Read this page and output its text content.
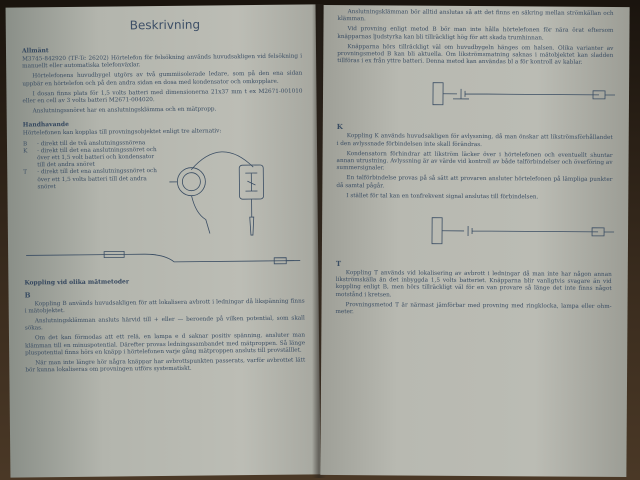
Beskrivning
Allmänt
M3745-842920 (TF-Tc 26202) Hörtelefon för felsökning används huvudsakligen vid felsökning i manuellt eller automatiska telefonväxlar.
Hörtelefonens huvudbygel utgörs av två gummiisolerade ledare, som på den ena sidan uppbär en hörtelefon och på den andra sidan en dosa med kondensator och omkopplare.
I dosan finns plats för 1,5 volts batteri med dimensionerna 21x37 mm t ex M2671-001010 eller en cell av 3 volts batteri M2671-004020.
Anslutningssnöret har en anslutningsklämma och en mätpropp.
Handhavande
Hörtelefonen kan kopplas till provningsobjektet enligt tre alternativ:
B	- direkt till de två anslutningssnörena
K	- direkt till det ena anslutningssnöret och över ett 1,5 volt batteri och kondensator till det andra snöret
T	- direkt till det ena anslutningssnöret och över ett 1,5 volts batteri till det andra snöret
Koppling vid olika mätmetoder
B
Koppling B används huvudsakligen för att lokalisera avbrott i ledningar då likspänning finns i mätobjektet.
Anslutningsklämman ansluts härvid till + eller — beroende på vilken potential, som skall sökas.
Om det kan förmodas att ett relä, en lampa e d saknar positiv spänning, ansluter man klämman till en minuspotential. Därefter provas ledningssambandet med mätproppen. Så länge pluspotential finns hörs en knäpp i hörtelefonen varje gång mätproppen ansluts till provställlet.
När man inte längre hör några knäppar har avbrottspunkten passerats, varför avbrottet lätt bör kunna lokaliseras om provningen utförs systematiskt.
Anslutningsklämman bör alltid anslutas så att det finns en säkring mellan strömkällan och klämman.
Vid provning enligt metod B bör man inte hålla hörtelefonen för nära örat eftersom knäpparnas ljudstyrka kan bli tillräckligt hög för att skada trumhinnan.
Knäpparna hörs tillräckligt väl om huvudbygeln hänges om halsen. Olika varianter av provningsmetod B kan bli aktuella. Om likströmsmatning saknas i mätobjektet kan sladden tillföras i ex från yttre batteri. Denna metod kan användas bl a för kontroll av kablar.
K
Koppling K används huvudsakligen för avlyssning, då man önskar att likströmsförhållandet i den avlyssnade förbindelsen inte skall förändras.
Kondensatorn förhindrar att likström läcker över i hörtelefonen och eventuellt shuntar annan utrustning. Avlyssning är av värde vid kontroll av både talförbindelser och överföring av summersignaler.
En talförbindelse provas på så sätt att provaren ansluter hörtelefonen på lämpliga punkter då samtal pågår.
I stället för tal kan en tonfrekvent signal anslutas till förbindelsen.
T
Koppling T används vid lokalisering av avbrott i ledningar då man inte har någon annan likströmskälla än det inbyggda 1,5 volts batteriet. Knäpparna blir vanligtvis svagare än vid koppling enligt B, men hörs tillräckligt väl för en van provare så länge det inte finns något motstånd i kretsen.
Provningsmetod T är närmast jämförbar med provning med ringklocka, lampa eller ohm-meter.
